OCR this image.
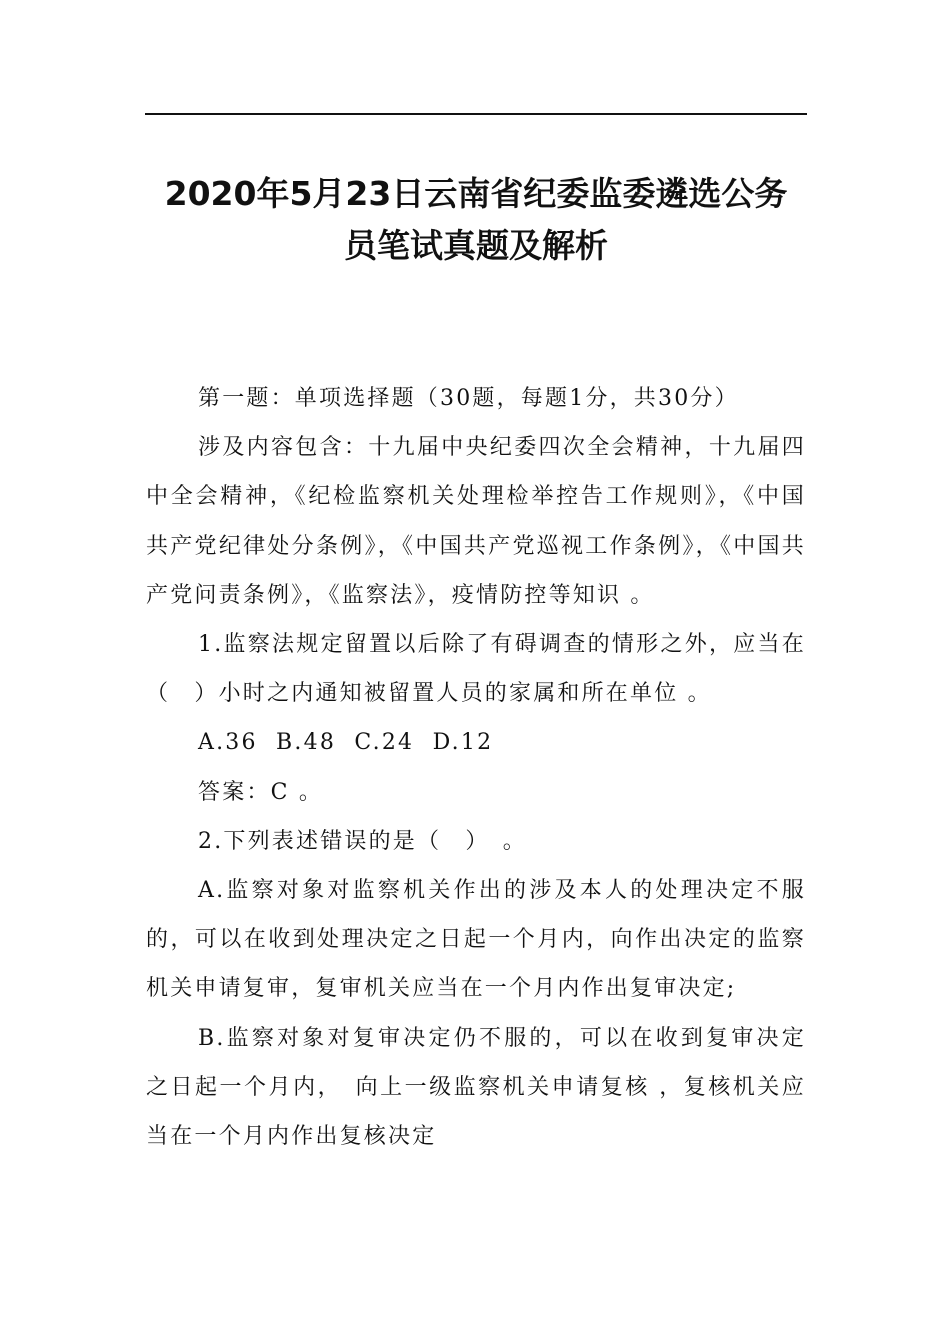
2020年5月23日云南省纪委监委遴选公务
员笔试真题及解析

第一题：单项选择题（30题，每题1分，共30分）

涉及内容包含：十九届中央纪委四次全会精神，十九届四中全会精神，《纪检监察机关处理检举控告工作规则》，《中国共产党纪律处分条例》，《中国共产党巡视工作条例》，《中国共产党问责条例》，《监察法》，疫情防控等知识 。

1.监察法规定留置以后除了有碍调查的情形之外，应当在（　）小时之内通知被留置人员的家属和所在单位 。

A.36  B.48  C.24  D.12

答案：C 。

2.下列表述错误的是（　）　。

A.监察对象对监察机关作出的涉及本人的处理决定不服的，可以在收到处理决定之日起一个月内，向作出决定的监察机关申请复审，复审机关应当在一个月内作出复审决定;

B.监察对象对复审决定仍不服的，可以在收到复审决定之日起一个月内，　向上一级监察机关申请复核 ，复核机关应当在一个月内作出复核决定
